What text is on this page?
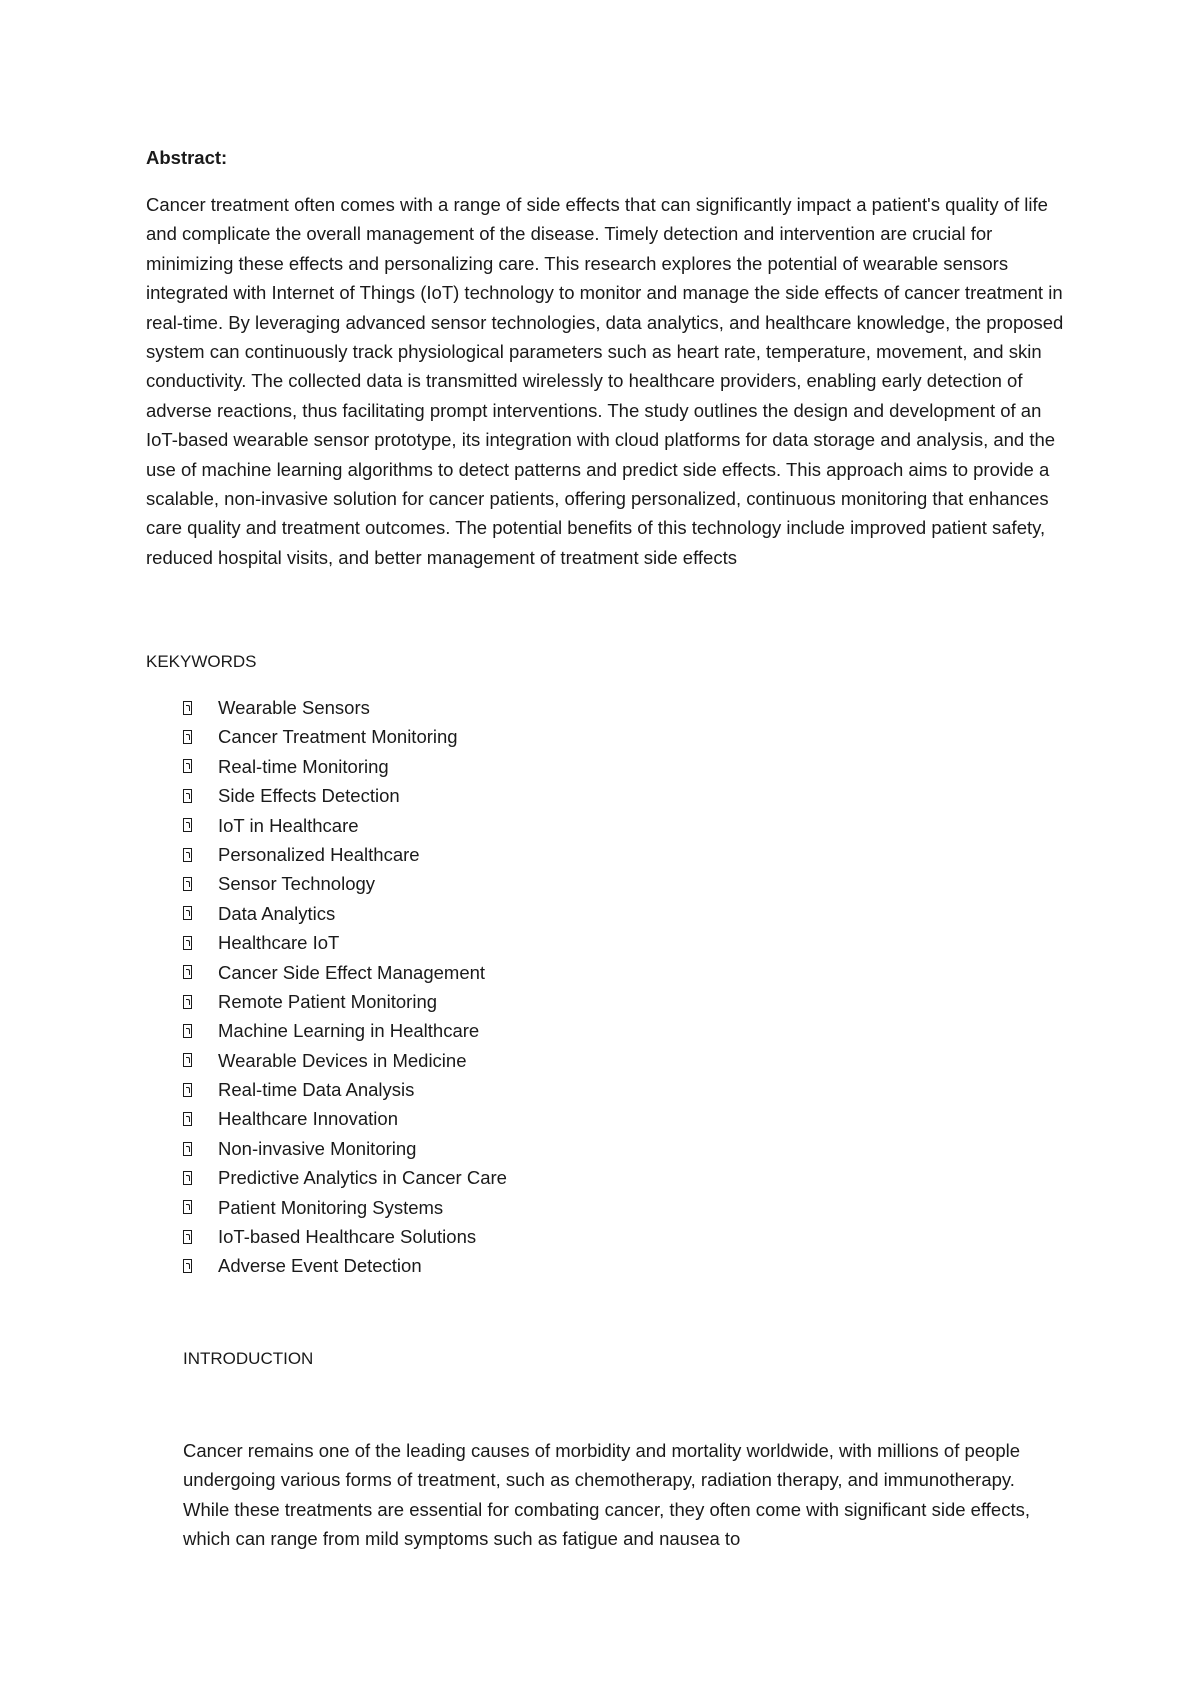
Abstract:

Cancer treatment often comes with a range of side effects that can significantly impact a patient's quality of life and complicate the overall management of the disease. Timely detection and intervention are crucial for minimizing these effects and personalizing care. This research explores the potential of wearable sensors integrated with Internet of Things (IoT) technology to monitor and manage the side effects of cancer treatment in real-time. By leveraging advanced sensor technologies, data analytics, and healthcare knowledge, the proposed system can continuously track physiological parameters such as heart rate, temperature, movement, and skin conductivity. The collected data is transmitted wirelessly to healthcare providers, enabling early detection of adverse reactions, thus facilitating prompt interventions. The study outlines the design and development of an IoT-based wearable sensor prototype, its integration with cloud platforms for data storage and analysis, and the use of machine learning algorithms to detect patterns and predict side effects. This approach aims to provide a scalable, non-invasive solution for cancer patients, offering personalized, continuous monitoring that enhances care quality and treatment outcomes. The potential benefits of this technology include improved patient safety, reduced hospital visits, and better management of treatment side effects

KEKYWORDS
Wearable Sensors
Cancer Treatment Monitoring
Real-time Monitoring
Side Effects Detection
IoT in Healthcare
Personalized Healthcare
Sensor Technology
Data Analytics
Healthcare IoT
Cancer Side Effect Management
Remote Patient Monitoring
Machine Learning in Healthcare
Wearable Devices in Medicine
Real-time Data Analysis
Healthcare Innovation
Non-invasive Monitoring
Predictive Analytics in Cancer Care
Patient Monitoring Systems
IoT-based Healthcare Solutions
Adverse Event Detection
INTRODUCTION

Cancer remains one of the leading causes of morbidity and mortality worldwide, with millions of people undergoing various forms of treatment, such as chemotherapy, radiation therapy, and immunotherapy. While these treatments are essential for combating cancer, they often come with significant side effects, which can range from mild symptoms such as fatigue and nausea to
